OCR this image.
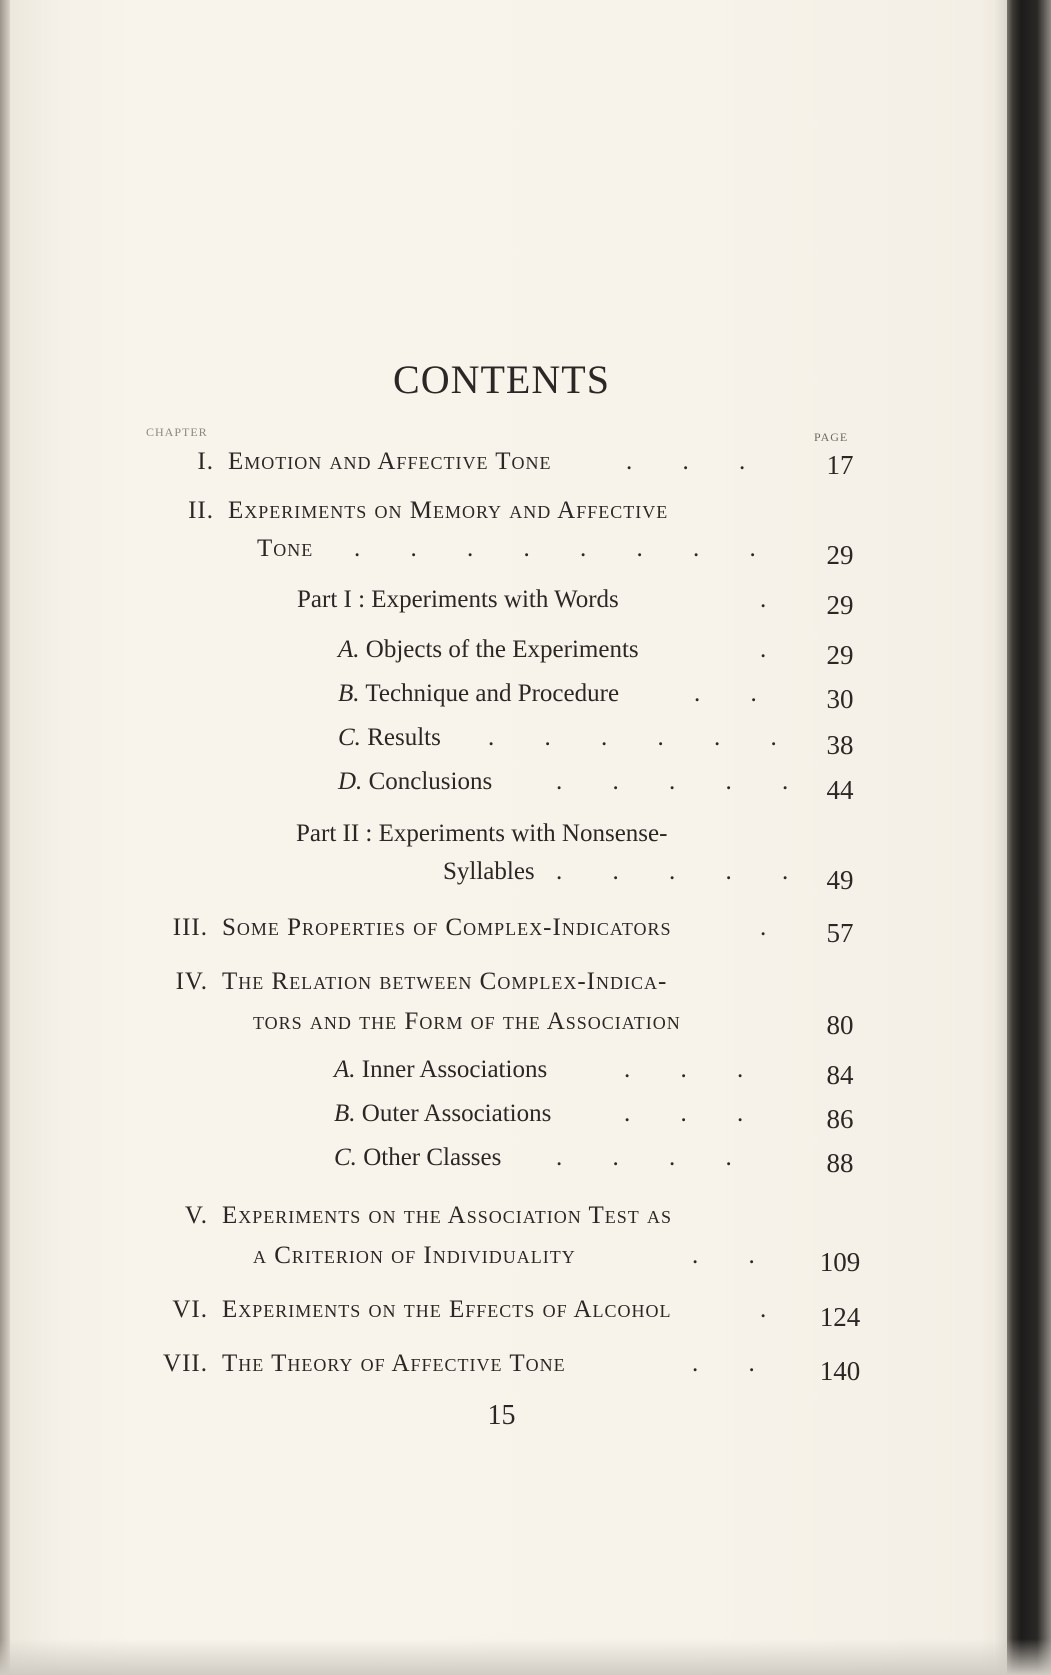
CONTENTS
CHAPTER	PAGE
I. Emotion and Affective Tone	. . .	17
II. Experiments on Memory and Affective
Tone . . . . . . . .	29
Part I : Experiments with Words	.	29
A. Objects of the Experiments	.	29
B. Technique and Procedure	. .	30
C. Results . . . . . .	38
D. Conclusions	. . . . . 44
Part II : Experiments with Nonsense-
Syllables . . . . . 49
III. Some Properties of Complex-Indicators	.	57
IV. The Relation between Complex-Indica-
tors and the Form of the Association	80
A. Inner Associations	. . .	84
B. Outer Associations	. . .	86
C. Other Classes . . . .	88
V. Experiments on the Association Test as
a Criterion of Individuality	. .	109
VI. Experiments on the Effects of Alcohol	.	124
VII. The Theory of Affective Tone	. .	140
15
